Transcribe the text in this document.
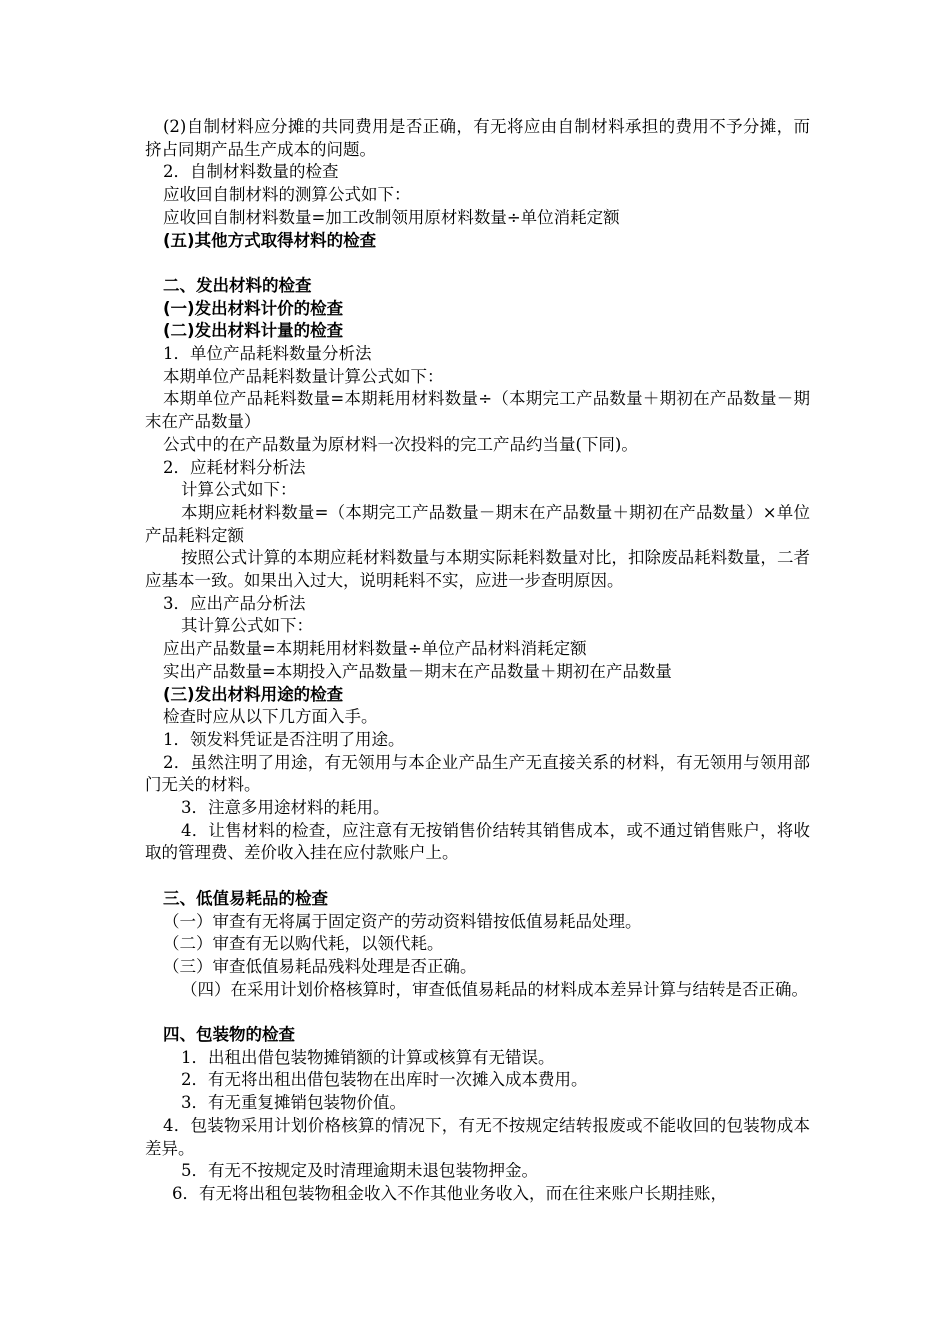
(2)自制材料应分摊的共同费用是否正确，有无将应由自制材料承担的费用不予分摊，而挤占同期产品生产成本的问题。

2．自制材料数量的检查

应收回自制材料的测算公式如下：

应收回自制材料数量=加工改制领用原材料数量÷单位消耗定额

(五)其他方式取得材料的检查

二、发出材料的检查

(一)发出材料计价的检查

(二)发出材料计量的检查

1．单位产品耗料数量分析法

本期单位产品耗料数量计算公式如下：

本期单位产品耗料数量=本期耗用材料数量÷（本期完工产品数量＋期初在产品数量－期末在产品数量）

公式中的在产品数量为原材料一次投料的完工产品约当量(下同)。

2．应耗材料分析法

计算公式如下：

本期应耗材料数量=（本期完工产品数量－期末在产品数量＋期初在产品数量）×单位产品耗料定额

按照公式计算的本期应耗材料数量与本期实际耗料数量对比，扣除废品耗料数量，二者应基本一致。如果出入过大，说明耗料不实，应进一步查明原因。

3．应出产品分析法

其计算公式如下：

应出产品数量=本期耗用材料数量÷单位产品材料消耗定额

实出产品数量=本期投入产品数量－期末在产品数量＋期初在产品数量

(三)发出材料用途的检查

检查时应从以下几方面入手。

1．领发料凭证是否注明了用途。

2．虽然注明了用途，有无领用与本企业产品生产无直接关系的材料，有无领用与领用部门无关的材料。

3．注意多用途材料的耗用。

4．让售材料的检查，应注意有无按销售价结转其销售成本，或不通过销售账户，将收取的管理费、差价收入挂在应付款账户上。

三、低值易耗品的检查

（一）审查有无将属于固定资产的劳动资料错按低值易耗品处理。

（二）审查有无以购代耗，以领代耗。

（三）审查低值易耗品残料处理是否正确。

（四）在采用计划价格核算时，审查低值易耗品的材料成本差异计算与结转是否正确。

四、包装物的检查

1．出租出借包装物摊销额的计算或核算有无错误。

2．有无将出租出借包装物在出库时一次摊入成本费用。

3．有无重复摊销包装物价值。

4．包装物采用计划价格核算的情况下，有无不按规定结转报废或不能收回的包装物成本差异。

5．有无不按规定及时清理逾期未退包装物押金。

6．有无将出租包装物租金收入不作其他业务收入，而在往来账户长期挂账，
